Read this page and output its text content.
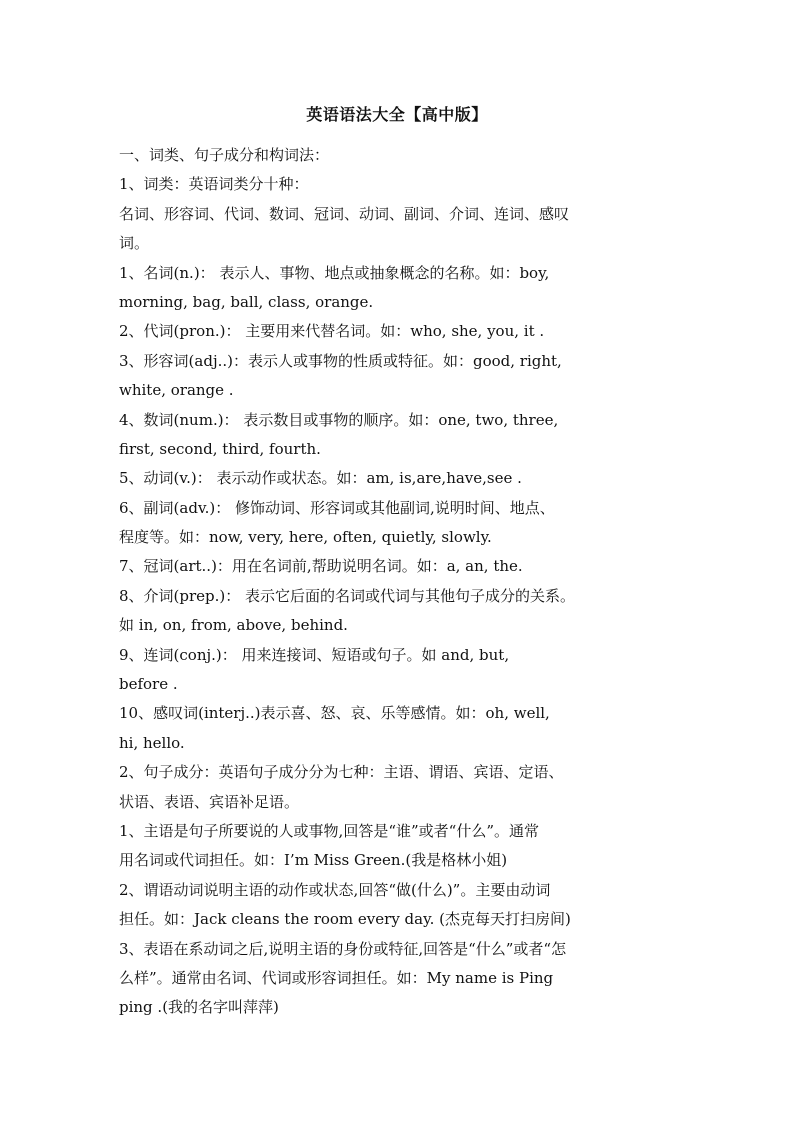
英语语法大全【高中版】
一、词类、句子成分和构词法：
1、词类：英语词类分十种：
名词、形容词、代词、数词、冠词、动词、副词、介词、连词、感叹
词。
1、名词(n.)： 表示人、事物、地点或抽象概念的名称。如：boy,
morning, bag, ball, class, orange.
2、代词(pron.)： 主要用来代替名词。如：who, she, you, it .
3、形容词(adj..)：表示人或事物的性质或特征。如：good, right,
white, orange .
4、数词(num.)： 表示数目或事物的顺序。如：one, two, three,
first, second, third, fourth.
5、动词(v.)： 表示动作或状态。如：am, is,are,have,see .
6、副词(adv.)： 修饰动词、形容词或其他副词,说明时间、地点、
程度等。如：now, very, here, often, quietly, slowly.
7、冠词(art..)：用在名词前,帮助说明名词。如：a, an, the.
8、介词(prep.)： 表示它后面的名词或代词与其他句子成分的关系。
如 in, on, from, above, behind.
9、连词(conj.)： 用来连接词、短语或句子。如 and, but,
before .
10、感叹词(interj..)表示喜、怒、哀、乐等感情。如：oh, well,
hi, hello.
2、句子成分：英语句子成分分为七种：主语、谓语、宾语、定语、
状语、表语、宾语补足语。
1、主语是句子所要说的人或事物,回答是“谁”或者“什么”。通常
用名词或代词担任。如：I’m Miss Green.(我是格林小姐)
2、谓语动词说明主语的动作或状态,回答“做(什么)”。主要由动词
担任。如：Jack cleans the room every day. (杰克每天打扫房间)
3、表语在系动词之后,说明主语的身份或特征,回答是“什么”或者“怎
么样”。通常由名词、代词或形容词担任。如：My name is Ping
ping .(我的名字叫萍萍)
